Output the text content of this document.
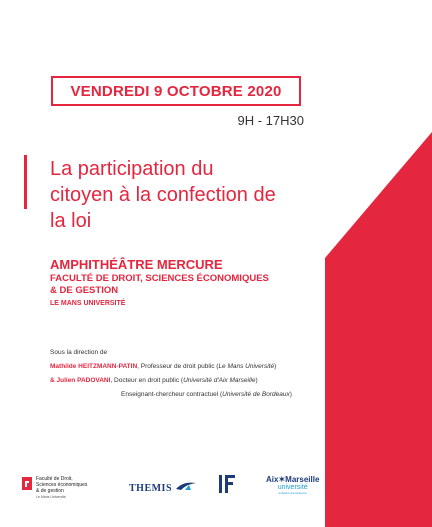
VENDREDI 9 OCTOBRE 2020
9H - 17H30
La participation du
citoyen à la confection de
la loi
AMPHITHÉÂTRE MERCURE
FACULTÉ DE DROIT, SCIENCES ÉCONOMIQUES
& DE GESTION
LE MANS UNIVERSITÉ
Sous la direction de
Mathilde HEITZMANN-PATIN, Professeur de droit public (Le Mans Université)
& Julien PADOVANI, Docteur en droit public (Université d'Aix Marseille)
Enseignant-chercheur contractuel (Université de Bordeaux)
Faculté de Droit,
Sciences économiques
& de gestion
Le Mans Université
THEMIS
Aix✶Marseille
université
Initiative d'excellence
